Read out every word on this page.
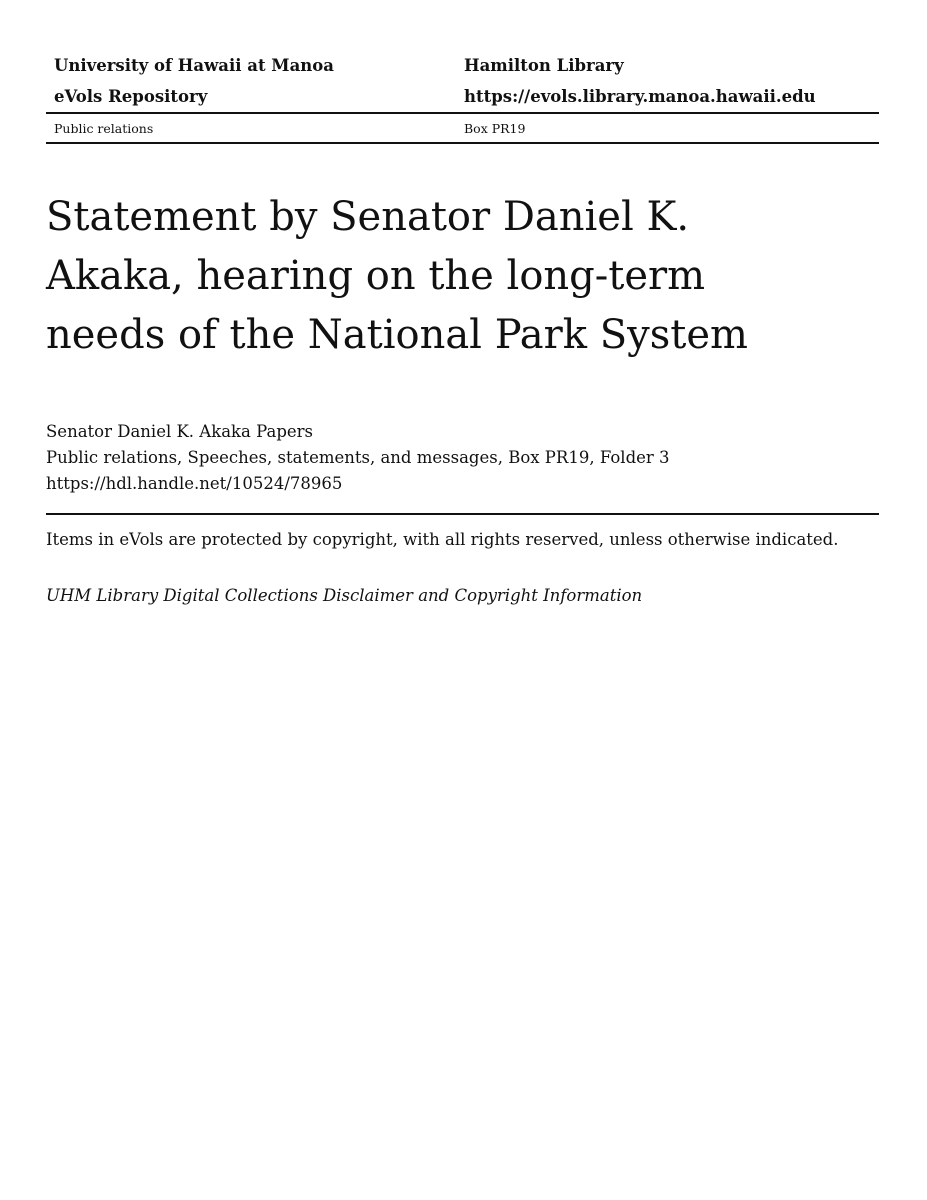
University of Hawaii at Manoa	Hamilton Library
eVols Repository	https://evols.library.manoa.hawaii.edu
Public relations	Box PR19
Statement by Senator Daniel K.
Akaka, hearing on the long-term
needs of the National Park System
Senator Daniel K. Akaka Papers
Public relations, Speeches, statements, and messages, Box PR19, Folder 3
https://hdl.handle.net/10524/78965
Items in eVols are protected by copyright, with all rights reserved, unless otherwise indicated.
UHM Library Digital Collections Disclaimer and Copyright Information
